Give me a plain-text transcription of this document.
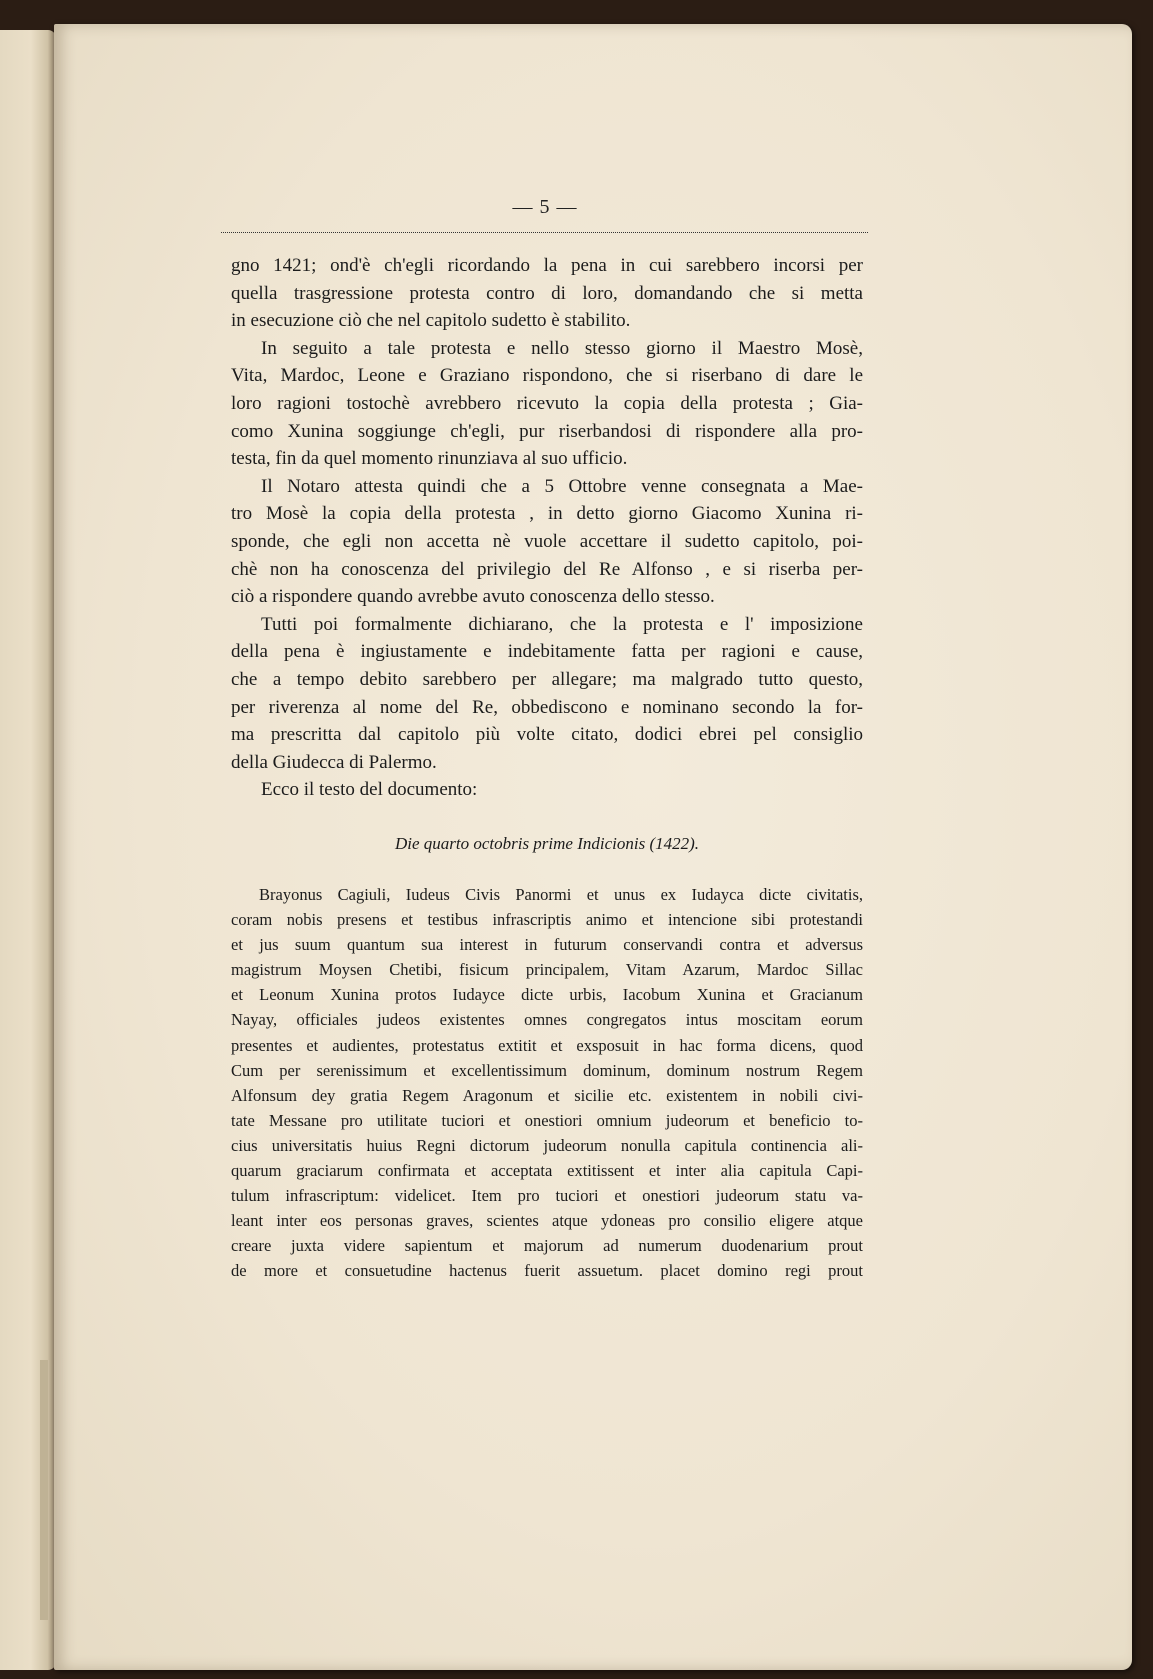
— 5 —

gno 1421; ond'è ch'egli ricordando la pena in cui sarebbero incorsi per

quella trasgressione protesta contro di loro, domandando che si metta

in esecuzione ciò che nel capitolo sudetto è stabilito.

In seguito a tale protesta e nello stesso giorno il Maestro Mosè,

Vita, Mardoc, Leone e Graziano rispondono, che si riserbano di dare le

loro ragioni tostochè avrebbero ricevuto la copia della protesta ; Gia-

como Xunina soggiunge ch'egli, pur riserbandosi di rispondere alla pro-

testa, fin da quel momento rinunziava al suo ufficio.

Il Notaro attesta quindi che a 5 Ottobre venne consegnata a Mae-

tro Mosè la copia della protesta , in detto giorno Giacomo Xunina ri-

sponde, che egli non accetta nè vuole accettare il sudetto capitolo, poi-

chè non ha conoscenza del privilegio del Re Alfonso , e si riserba per-

ciò a rispondere quando avrebbe avuto conoscenza dello stesso.

Tutti poi formalmente dichiarano, che la protesta e l' imposizione

della pena è ingiustamente e indebitamente fatta per ragioni e cause,

che a tempo debito sarebbero per allegare; ma malgrado tutto questo,

per riverenza al nome del Re, obbediscono e nominano secondo la for-

ma prescritta dal capitolo più volte citato, dodici ebrei pel consiglio

della Giudecca di Palermo.

Ecco il testo del documento:

Die quarto octobris prime Indicionis (1422).

Brayonus Cagiuli, Iudeus Civis Panormi et unus ex Iudayca dicte civitatis,

coram nobis presens et testibus infrascriptis animo et intencione sibi protestandi

et jus suum quantum sua interest in futurum conservandi contra et adversus

magistrum Moysen Chetibi, fisicum principalem, Vitam Azarum, Mardoc Sillac

et Leonum Xunina protos Iudayce dicte urbis, Iacobum Xunina et Gracianum

Nayay, officiales judeos existentes omnes congregatos intus moscitam eorum

presentes et audientes, protestatus extitit et exsposuit in hac forma dicens, quod

Cum per serenissimum et excellentissimum dominum, dominum nostrum Regem

Alfonsum dey gratia Regem Aragonum et sicilie etc. existentem in nobili civi-

tate Messane pro utilitate tuciori et onestiori omnium judeorum et beneficio to-

cius universitatis huius Regni dictorum judeorum nonulla capitula continencia ali-

quarum graciarum confirmata et acceptata extitissent et inter alia capitula Capi-

tulum infrascriptum: videlicet. Item pro tuciori et onestiori judeorum statu va-

leant inter eos personas graves, scientes atque ydoneas pro consilio eligere atque

creare juxta videre sapientum et majorum ad numerum duodenarium prout

de more et consuetudine hactenus fuerit assuetum. placet domino regi prout
